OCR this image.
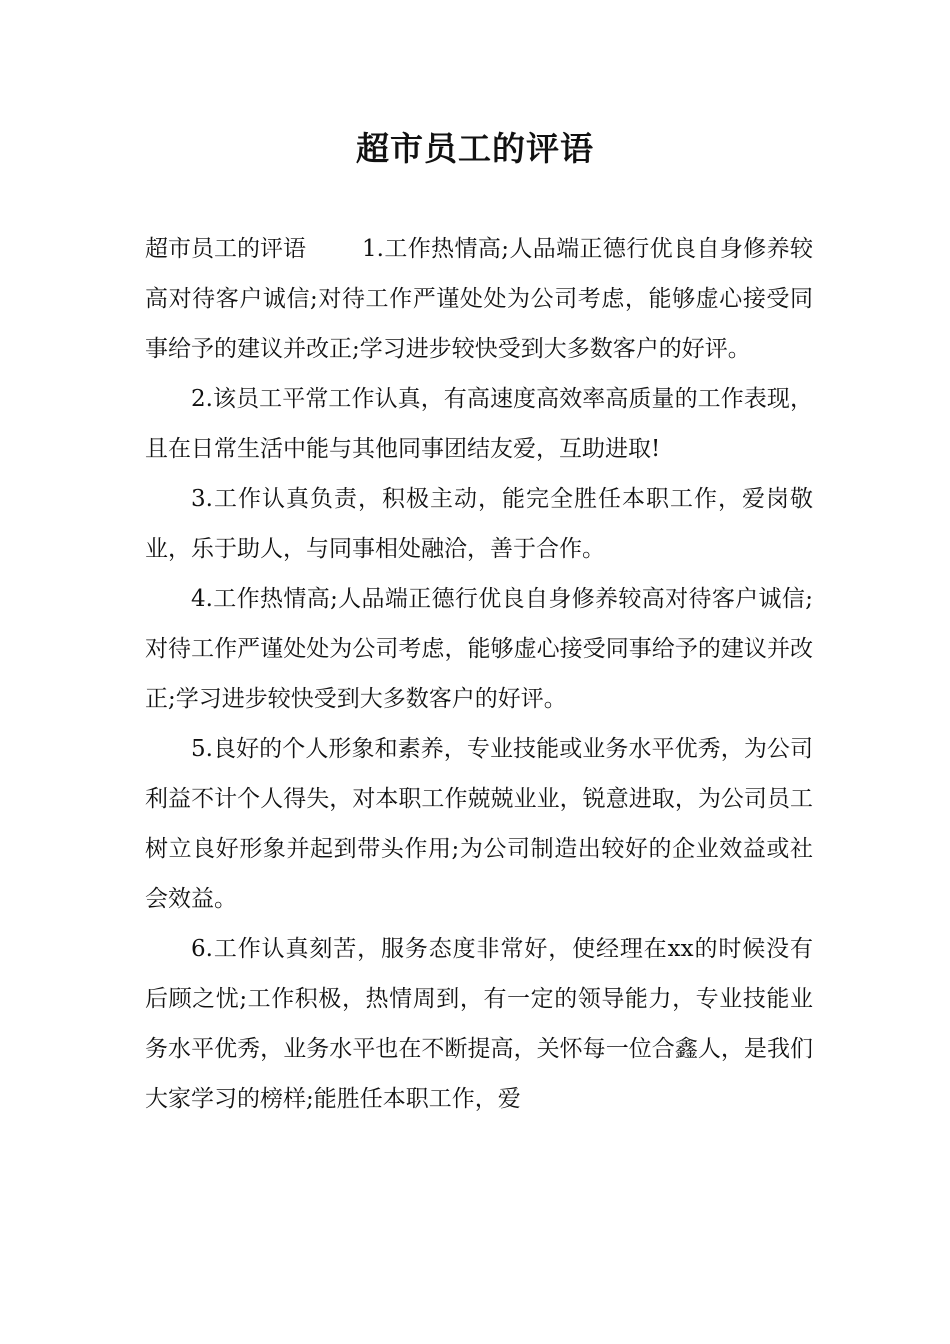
超市员工的评语

超市员工的评语 1.工作热情高;人品端正德行优良自身修养较高对待客户诚信;对待工作严谨处处为公司考虑，能够虚心接受同事给予的建议并改正;学习进步较快受到大多数客户的好评。

2.该员工平常工作认真，有高速度高效率高质量的工作表现，且在日常生活中能与其他同事团结友爱，互助进取!

3.工作认真负责，积极主动，能完全胜任本职工作，爱岗敬业，乐于助人，与同事相处融洽，善于合作。

4.工作热情高;人品端正德行优良自身修养较高对待客户诚信;对待工作严谨处处为公司考虑，能够虚心接受同事给予的建议并改正;学习进步较快受到大多数客户的好评。

5.良好的个人形象和素养，专业技能或业务水平优秀，为公司利益不计个人得失，对本职工作兢兢业业，锐意进取，为公司员工树立良好形象并起到带头作用;为公司制造出较好的企业效益或社会效益。

6.工作认真刻苦，服务态度非常好，使经理在xx的时候没有后顾之忧;工作积极，热情周到，有一定的领导能力，专业技能业务水平优秀，业务水平也在不断提高，关怀每一位合鑫人，是我们大家学习的榜样;能胜任本职工作，爱
